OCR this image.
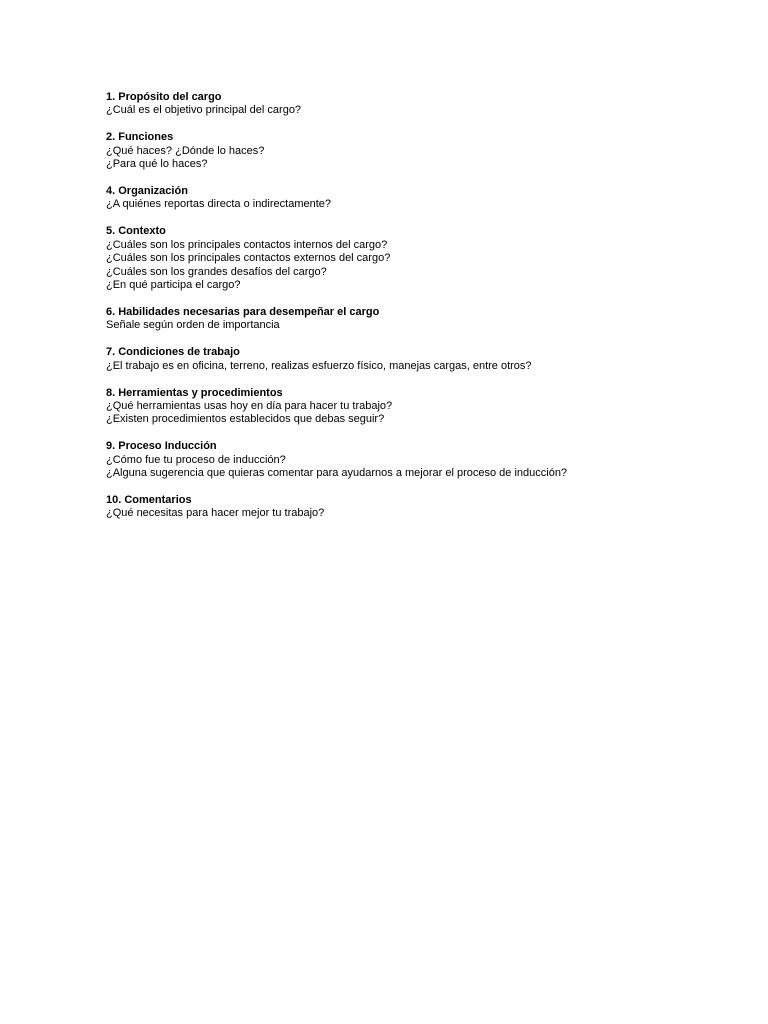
1. Propósito del cargo

¿Cuál es el objetivo principal del cargo?

2. Funciones

¿Qué haces? ¿Dónde lo haces?

¿Para qué lo haces?

4. Organización

¿A quiénes reportas directa o indirectamente?

5. Contexto

¿Cuáles son los principales contactos internos del cargo?

¿Cuáles son los principales contactos externos del cargo?

¿Cuáles son los grandes desafíos del cargo?

¿En qué participa el cargo?

6. Habilidades necesarias para desempeñar el cargo

Señale según orden de importancia

7. Condiciones de trabajo

¿El trabajo es en oficina, terreno, realizas esfuerzo físico, manejas cargas, entre otros?

8. Herramientas y procedimientos

¿Qué herramientas usas hoy en día para hacer tu trabajo?

¿Existen procedimientos establecidos que debas seguir?

9. Proceso Inducción

¿Cómo fue tu proceso de inducción?

¿Alguna sugerencia que quieras comentar para ayudarnos a mejorar el proceso de inducción?

10. Comentarios

¿Qué necesitas para hacer mejor tu trabajo?
